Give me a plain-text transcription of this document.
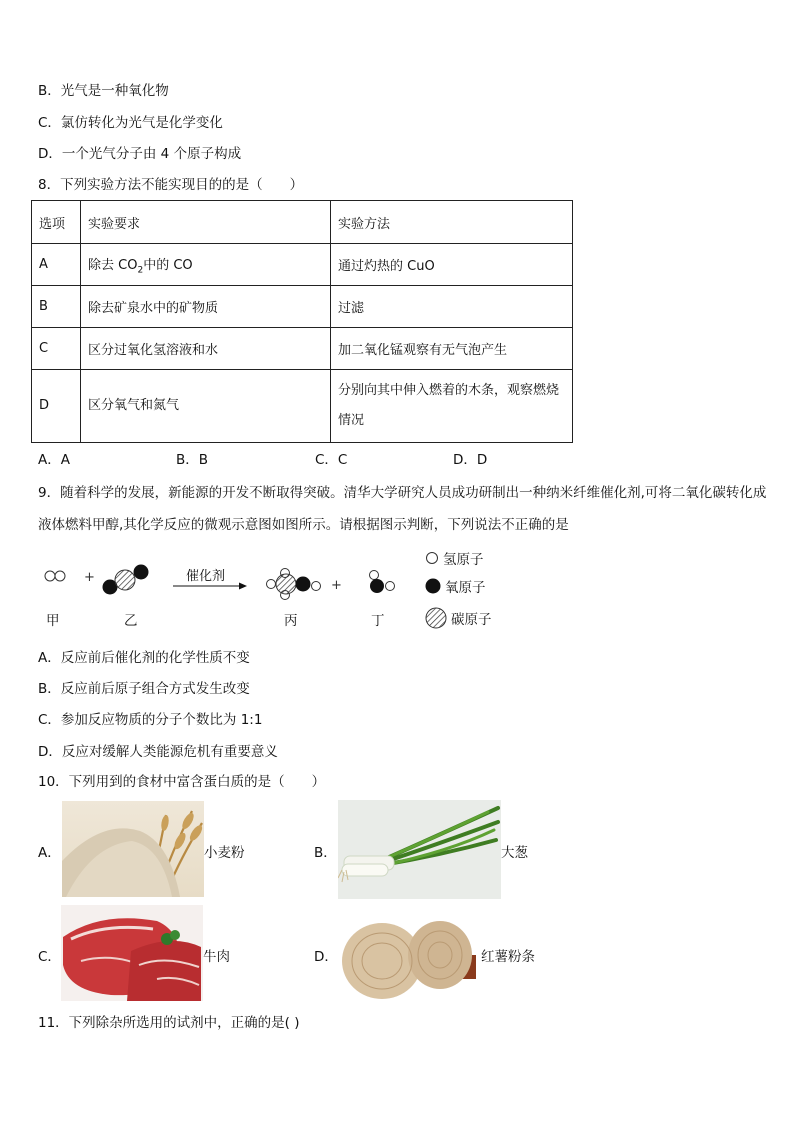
B．光气是一种氧化物
C．氯仿转化为光气是化学变化
D．一个光气分子由 4 个原子构成
8．下列实验方法不能实现目的的是（　　）
选项	实验要求	实验方法
A	除去 $CO_2$中的 CO	通过灼热的 CuO
B	除去矿泉水中的矿物质	过滤
C	区分过氧化氢溶液和水	加二氧化锰观察有无气泡产生
D	区分氧气和氮气	分别向其中伸入燃着的木条，观察燃烧情况
A．A	B．B	C．C	D．D
9．随着科学的发展，新能源的开发不断取得突破。清华大学研究人员成功研制出一种纳米纤维催化剂,可将二氧化碳转化成液体燃料甲醇,其化学反应的微观示意图如图所示。请根据图示判断，下列说法不正确的是
+	催化剂
+
甲	乙	丙	丁
氢原子
氧原子
碳原子
A．反应前后催化剂的化学性质不变
B．反应前后原子组合方式发生改变
C．参加反应物质的分子个数比为 1:1
D．反应对缓解人类能源危机有重要意义
10．下列用到的食材中富含蛋白质的是（　　）
A．	小麦粉	B．	大葱
C．	牛肉	D．	红薯粉条
11．下列除杂所选用的试剂中，正确的是( )
